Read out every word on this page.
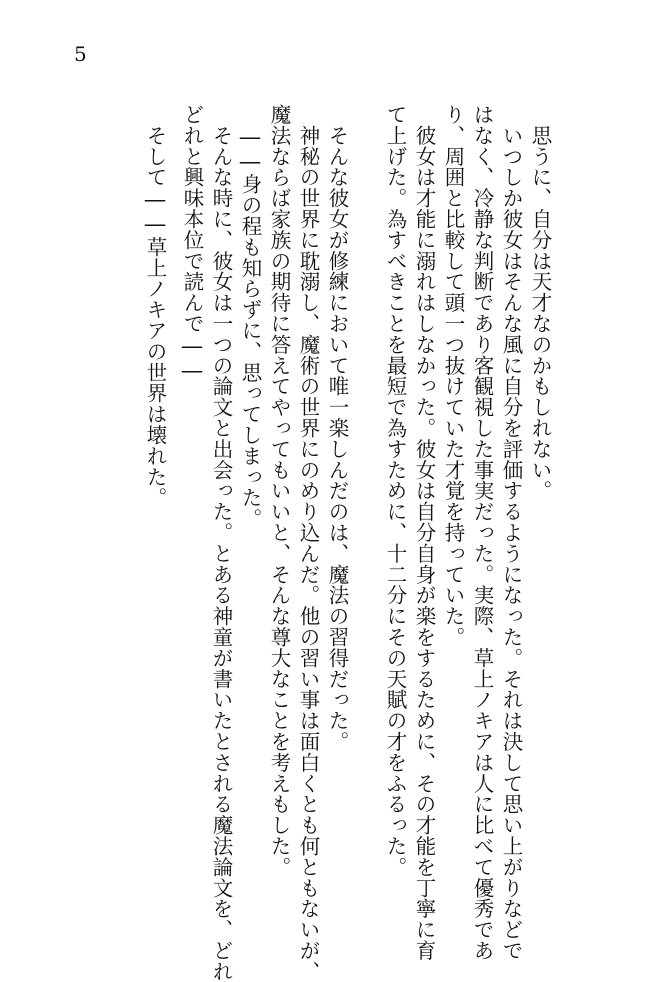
5
　思うに、自分は天才なのかもしれない。
　いつしか彼女はそんな風に自分を評価するようになった。それは決して思い上がりなどで
はなく、冷静な判断であり客観視した事実だった。実際、草上ノキアは人に比べて優秀であ
り、周囲と比較して頭一つ抜けていた才覚を持っていた。
　彼女は才能に溺れはしなかった。彼女は自分自身が楽をするために、その才能を丁寧に育
て上げた。為すべきことを最短で為すために、十二分にその天賦の才をふるった。
　そんな彼女が修練において唯一楽しんだのは、魔法の習得だった。
　神秘の世界に耽溺し、魔術の世界にのめり込んだ。他の習い事は面白くとも何ともないが、
魔法ならば家族の期待に答えてやってもいいと、そんな尊大なことを考えもした。
　――身の程も知らずに、思ってしまった。
　そんな時に、彼女は一つの論文と出会った。とある神童が書いたとされる魔法論文を、どれ
どれと興味本位で読んで――
　そして――草上ノキアの世界は壊れた。
